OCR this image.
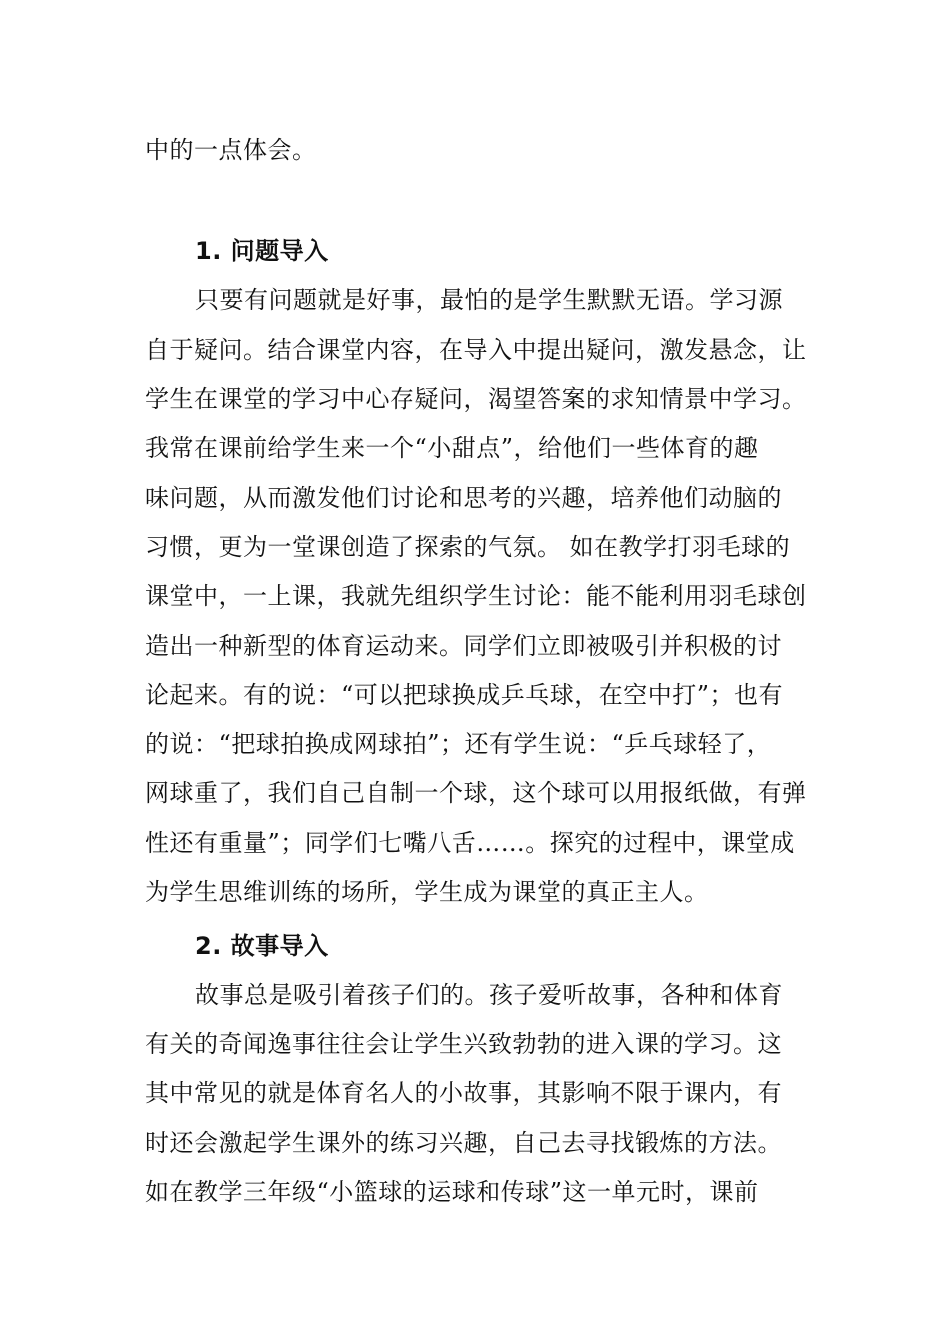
中的一点体会。
1. 问题导入
只要有问题就是好事，最怕的是学生默默无语。学习源
自于疑问。结合课堂内容，在导入中提出疑问，激发悬念，让
学生在课堂的学习中心存疑问，渴望答案的求知情景中学习。
我常在课前给学生来一个“小甜点”，给他们一些体育的趣
味问题，从而激发他们讨论和思考的兴趣，培养他们动脑的
习惯，更为一堂课创造了探索的气氛。 如在教学打羽毛球的
课堂中，一上课，我就先组织学生讨论：能不能利用羽毛球创
造出一种新型的体育运动来。同学们立即被吸引并积极的讨
论起来。有的说：“可以把球换成乒乓球，在空中打”；也有
的说：“把球拍换成网球拍”；还有学生说：“乒乓球轻了，
网球重了，我们自己自制一个球，这个球可以用报纸做，有弹
性还有重量”；同学们七嘴八舌……。探究的过程中，课堂成
为学生思维训练的场所，学生成为课堂的真正主人。
2. 故事导入
故事总是吸引着孩子们的。孩子爱听故事，各种和体育
有关的奇闻逸事往往会让学生兴致勃勃的进入课的学习。这
其中常见的就是体育名人的小故事，其影响不限于课内，有
时还会激起学生课外的练习兴趣，自己去寻找锻炼的方法。
如在教学三年级“小篮球的运球和传球”这一单元时，课前
